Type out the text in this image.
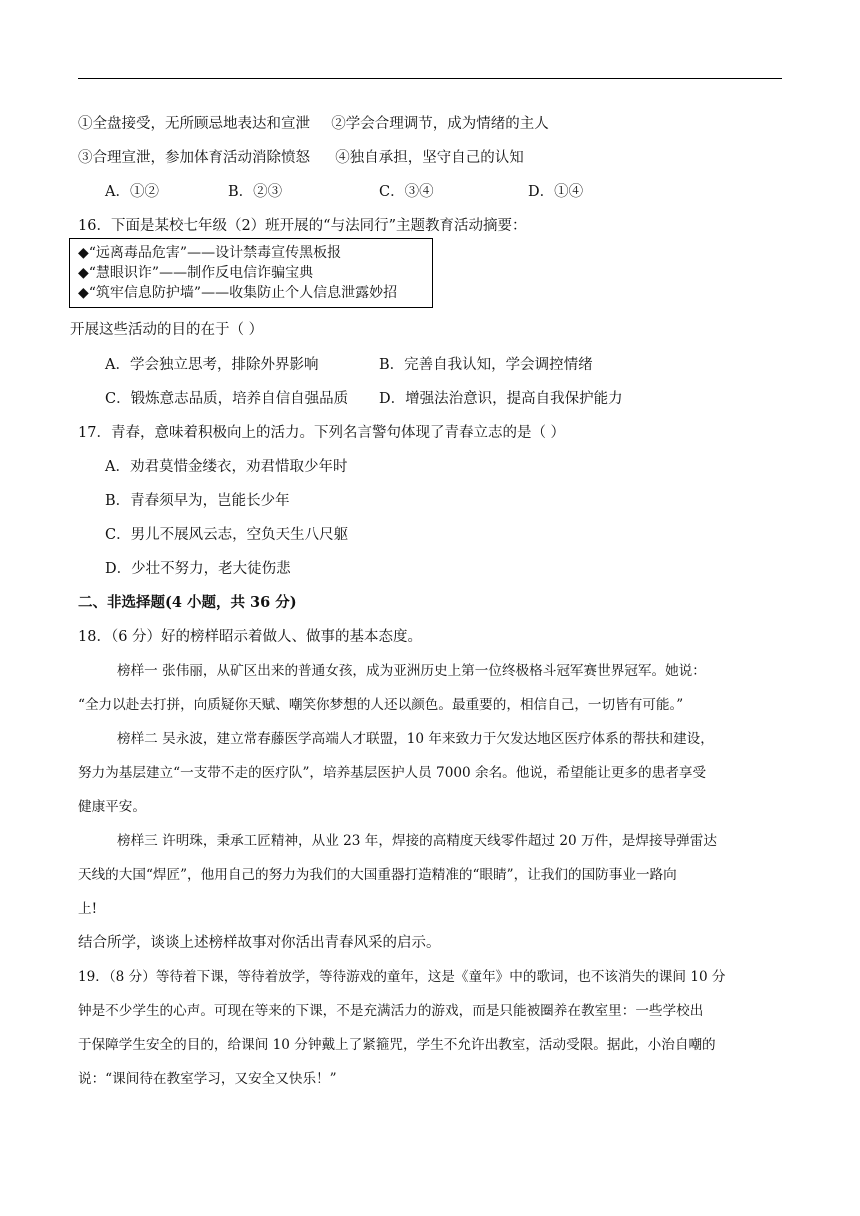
①全盘接受，无所顾忌地表达和宣泄 ②学会合理调节，成为情绪的主人
③合理宣泄，参加体育活动消除愤怒 ④独自承担，坚守自己的认知
A．①②	B．②③	C．③④	D．①④
16．下面是某校七年级（2）班开展的“与法同行”主题教育活动摘要：
◆“远离毒品危害”——设计禁毒宣传黑板报
◆“慧眼识诈”——制作反电信诈骗宝典
◆“筑牢信息防护墙”——收集防止个人信息泄露妙招
开展这些活动的目的在于（ ）
A．学会独立思考，排除外界影响	B．完善自我认知，学会调控情绪
C．锻炼意志品质，培养自信自强品质 D．增强法治意识，提高自我保护能力
17．青春，意味着积极向上的活力。下列名言警句体现了青春立志的是（ ）
A．劝君莫惜金缕衣，劝君惜取少年时
B．青春须早为，岂能长少年
C．男儿不展风云志，空负天生八尺躯
D．少壮不努力，老大徒伤悲
二、非选择题(4 小题，共 36 分)
18．（6 分）好的榜样昭示着做人、做事的基本态度。
榜样一 张伟丽，从矿区出来的普通女孩，成为亚洲历史上第一位终极格斗冠军赛世界冠军。她说：
“全力以赴去打拼，向质疑你天赋、嘲笑你梦想的人还以颜色。最重要的，相信自己，一切皆有可能。”
榜样二 吴永波，建立常春藤医学高端人才联盟，10 年来致力于欠发达地区医疗体系的帮扶和建设，
努力为基层建立“一支带不走的医疗队”，培养基层医护人员 7000 余名。他说，希望能让更多的患者享受
健康平安。
榜样三 许明珠，秉承工匠精神，从业 23 年，焊接的高精度天线零件超过 20 万件，是焊接导弹雷达
天线的大国“焊匠”，他用自己的努力为我们的大国重器打造精准的“眼睛”，让我们的国防事业一路向
上!
结合所学，谈谈上述榜样故事对你活出青春风采的启示。
19．（8 分）等待着下课，等待着放学，等待游戏的童年，这是《童年》中的歌词，也不该消失的课间 10 分
钟是不少学生的心声。可现在等来的下课，不是充满活力的游戏，而是只能被圈养在教室里：一些学校出
于保障学生安全的目的，给课间 10 分钟戴上了紧箍咒，学生不允许出教室，活动受限。据此，小治自嘲的
说：“课间待在教室学习，又安全又快乐！”
